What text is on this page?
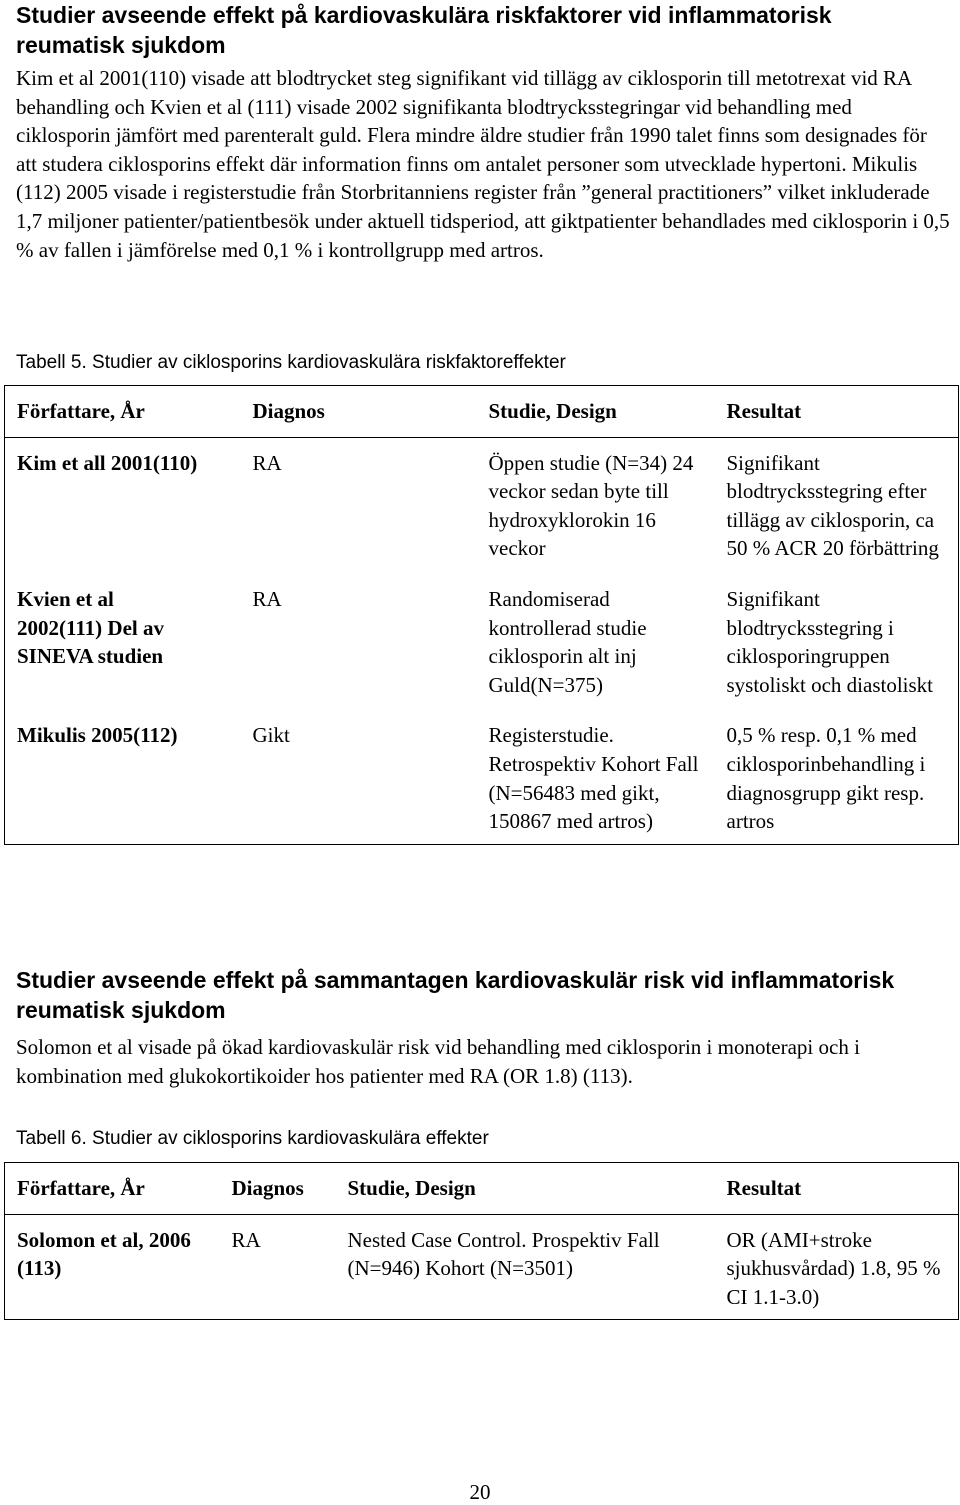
Studier avseende effekt på kardiovaskulära riskfaktorer vid inflammatorisk reumatisk sjukdom

Kim et al 2001(110) visade att blodtrycket steg signifikant vid tillägg av ciklosporin till metotrexat vid RA behandling och Kvien et al (111) visade 2002 signifikanta blodtrycksstegringar vid behandling med ciklosporin jämfört med parenteralt guld. Flera mindre äldre studier från 1990 talet finns som designades för att studera ciklosporins effekt där information finns om antalet personer som utvecklade hypertoni. Mikulis (112) 2005 visade i registerstudie från Storbritanniens register från ”general practitioners” vilket inkluderade 1,7 miljoner patienter/patientbesök under aktuell tidsperiod, att giktpatienter behandlades med ciklosporin i 0,5 % av fallen i jämförelse med 0,1 % i kontrollgrupp med artros.

Tabell 5. Studier av ciklosporins kardiovaskulära riskfaktoreffekter

Författare, År	Diagnos	Studie, Design	Resultat
Kim et all 2001(110)	RA	Öppen studie (N=34) 24 veckor sedan byte till hydroxyklorokin 16 veckor	Signifikant blodtrycksstegring efter tillägg av ciklosporin, ca 50 % ACR 20 förbättring
Kvien et al 2002(111) Del av SINEVA studien	RA	Randomiserad kontrollerad studie ciklosporin alt inj Guld(N=375)	Signifikant blodtrycksstegring i ciklosporingruppen systoliskt och diastoliskt
Mikulis 2005(112)	Gikt	Registerstudie. Retrospektiv Kohort Fall (N=56483 med gikt, 150867 med artros)	0,5 % resp. 0,1 % med ciklosporinbehandling i diagnosgrupp gikt resp. artros
Studier avseende effekt på sammantagen kardiovaskulär risk vid inflammatorisk reumatisk sjukdom

Solomon et al visade på ökad kardiovaskulär risk vid behandling med ciklosporin i monoterapi och i kombination med glukokortikoider hos patienter med RA (OR 1.8) (113).

Tabell 6. Studier av ciklosporins kardiovaskulära effekter

Författare, År	Diagnos	Studie, Design	Resultat
Solomon et al, 2006 (113)	RA	Nested Case Control. Prospektiv Fall (N=946) Kohort (N=3501)	OR (AMI+stroke sjukhusvårdad) 1.8, 95 % CI 1.1-3.0)
20
